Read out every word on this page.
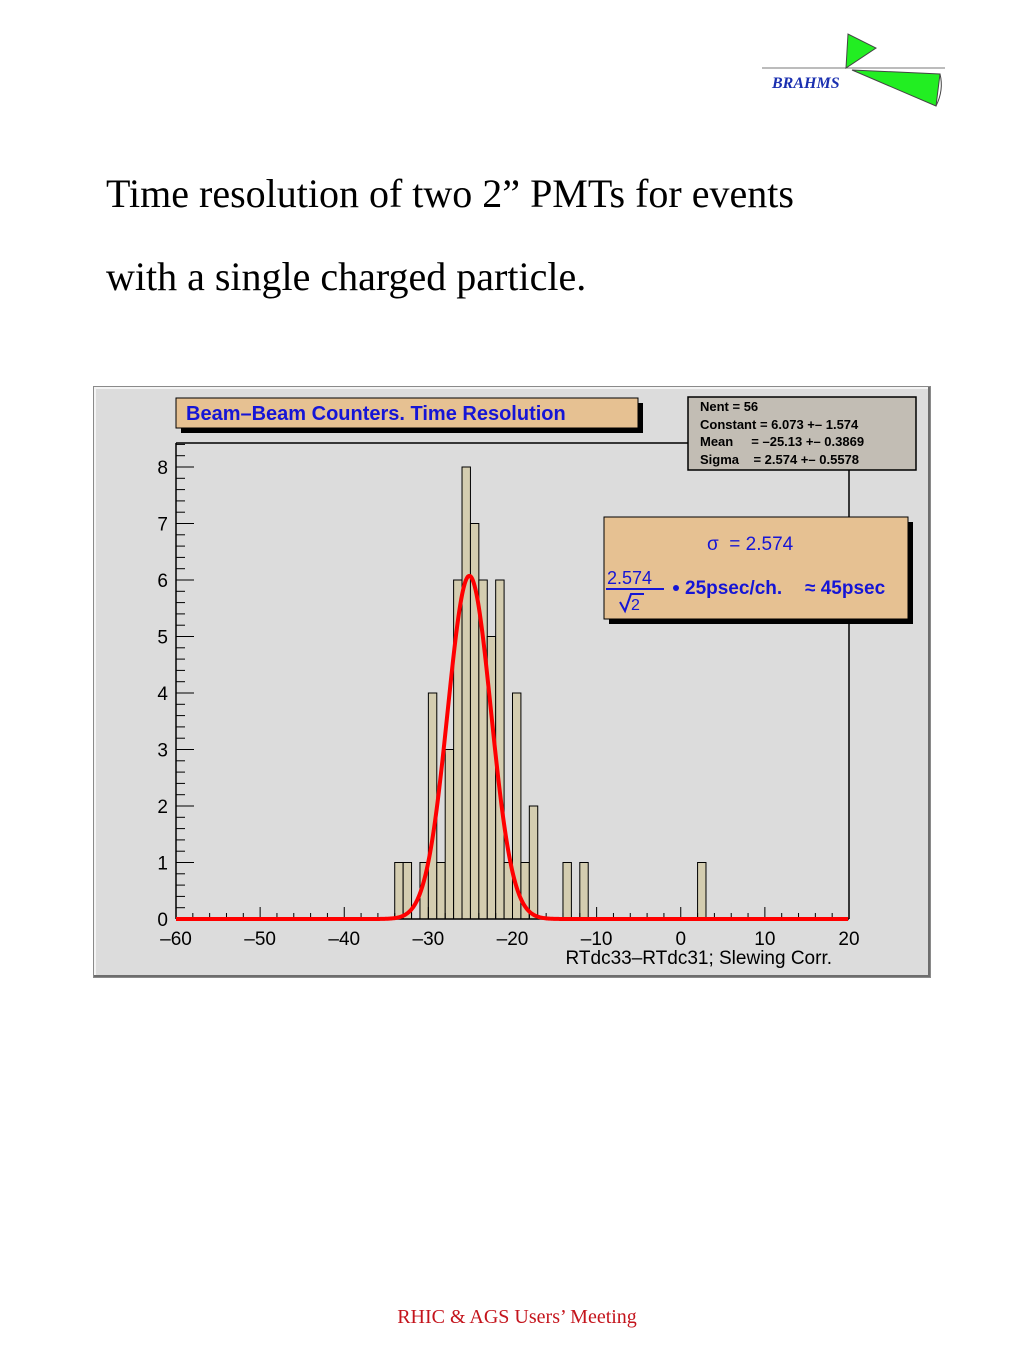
BRAHMS
Time resolution of two 2” PMTs for events
with a single charged particle.
–60	–50	–40	–30	–20	–10	0	10	20
0
1
2
3
4
5
6
7
8
Beam–Beam Counters. Time Resolution	Nent = 56
Constant = 6.073 +– 1.574
Mean     = –25.13 +– 0.3869
Sigma    = 2.574 +– 0.5578
σ  = 2.574
2.574
2
25psec/ch. ≈ 45psec
RTdc33–RTdc31; Slewing Corr.
RHIC & AGS Users’ Meeting
